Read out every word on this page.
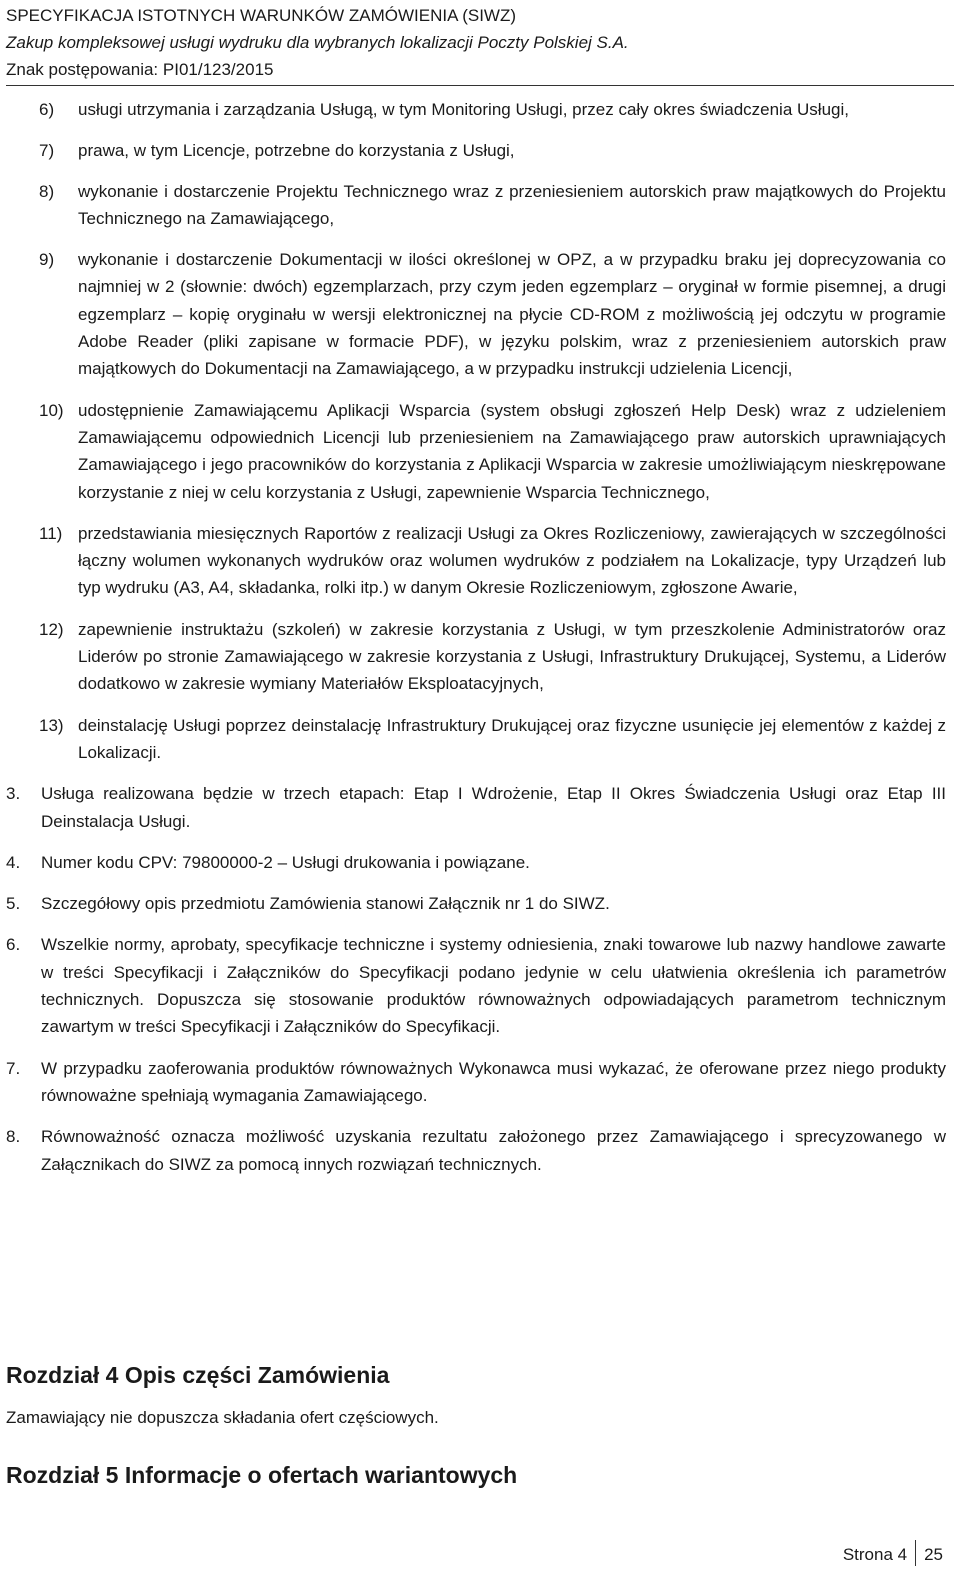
SPECYFIKACJA ISTOTNYCH WARUNKÓW ZAMÓWIENIA (SIWZ)
Zakup kompleksowej usługi wydruku dla wybranych lokalizacji Poczty Polskiej S.A.
Znak postępowania: PI01/123/2015
6) usługi utrzymania i zarządzania Usługą, w tym Monitoring Usługi, przez cały okres świadczenia Usługi,
7) prawa, w tym Licencje, potrzebne do korzystania z Usługi,
8) wykonanie i dostarczenie Projektu Technicznego wraz z przeniesieniem autorskich praw majątkowych do Projektu Technicznego na Zamawiającego,
9) wykonanie i dostarczenie Dokumentacji w ilości określonej w OPZ, a w przypadku braku jej doprecyzowania co najmniej w 2 (słownie: dwóch) egzemplarzach, przy czym jeden egzemplarz – oryginał w formie pisemnej, a drugi egzemplarz – kopię oryginału w wersji elektronicznej na płycie CD-ROM z możliwością jej odczytu w programie Adobe Reader (pliki zapisane w formacie PDF), w języku polskim, wraz z przeniesieniem autorskich praw majątkowych do Dokumentacji na Zamawiającego, a w przypadku instrukcji udzielenia Licencji,
10) udostępnienie Zamawiającemu Aplikacji Wsparcia (system obsługi zgłoszeń Help Desk) wraz z udzieleniem Zamawiającemu odpowiednich Licencji lub przeniesieniem na Zamawiającego praw autorskich uprawniających Zamawiającego i jego pracowników do korzystania z Aplikacji Wsparcia w zakresie umożliwiającym nieskrępowane korzystanie z niej w celu korzystania z Usługi, zapewnienie Wsparcia Technicznego,
11) przedstawiania miesięcznych Raportów z realizacji Usługi za Okres Rozliczeniowy, zawierających w szczególności łączny wolumen wykonanych wydruków oraz wolumen wydruków z podziałem na Lokalizacje, typy Urządzeń lub typ wydruku (A3, A4, składanka, rolki itp.) w danym Okresie Rozliczeniowym, zgłoszone Awarie,
12) zapewnienie instruktażu (szkoleń) w zakresie korzystania z Usługi, w tym przeszkolenie Administratorów oraz Liderów po stronie Zamawiającego w zakresie korzystania z Usługi, Infrastruktury Drukującej, Systemu, a Liderów dodatkowo w zakresie wymiany Materiałów Eksploatacyjnych,
13) deinstalację Usługi poprzez deinstalację Infrastruktury Drukującej oraz fizyczne usunięcie jej elementów z każdej z Lokalizacji.
3. Usługa realizowana będzie w trzech etapach: Etap I Wdrożenie, Etap II Okres Świadczenia Usługi oraz Etap III Deinstalacja Usługi.
4. Numer kodu CPV: 79800000-2 – Usługi drukowania i powiązane.
5. Szczegółowy opis przedmiotu Zamówienia stanowi Załącznik nr 1 do SIWZ.
6. Wszelkie normy, aprobaty, specyfikacje techniczne i systemy odniesienia, znaki towarowe lub nazwy handlowe zawarte w treści Specyfikacji i Załączników do Specyfikacji podano jedynie w celu ułatwienia określenia ich parametrów technicznych. Dopuszcza się stosowanie produktów równoważnych odpowiadających parametrom technicznym zawartym w treści Specyfikacji i Załączników do Specyfikacji.
7. W przypadku zaoferowania produktów równoważnych Wykonawca musi wykazać, że oferowane przez niego produkty równoważne spełniają wymagania Zamawiającego.
8. Równoważność oznacza możliwość uzyskania rezultatu założonego przez Zamawiającego i sprecyzowanego w Załącznikach do SIWZ za pomocą innych rozwiązań technicznych.
Rozdział 4 Opis części Zamówienia
Zamawiający nie dopuszcza składania ofert częściowych.
Rozdział 5 Informacje o ofertach wariantowych
Strona 4 25
